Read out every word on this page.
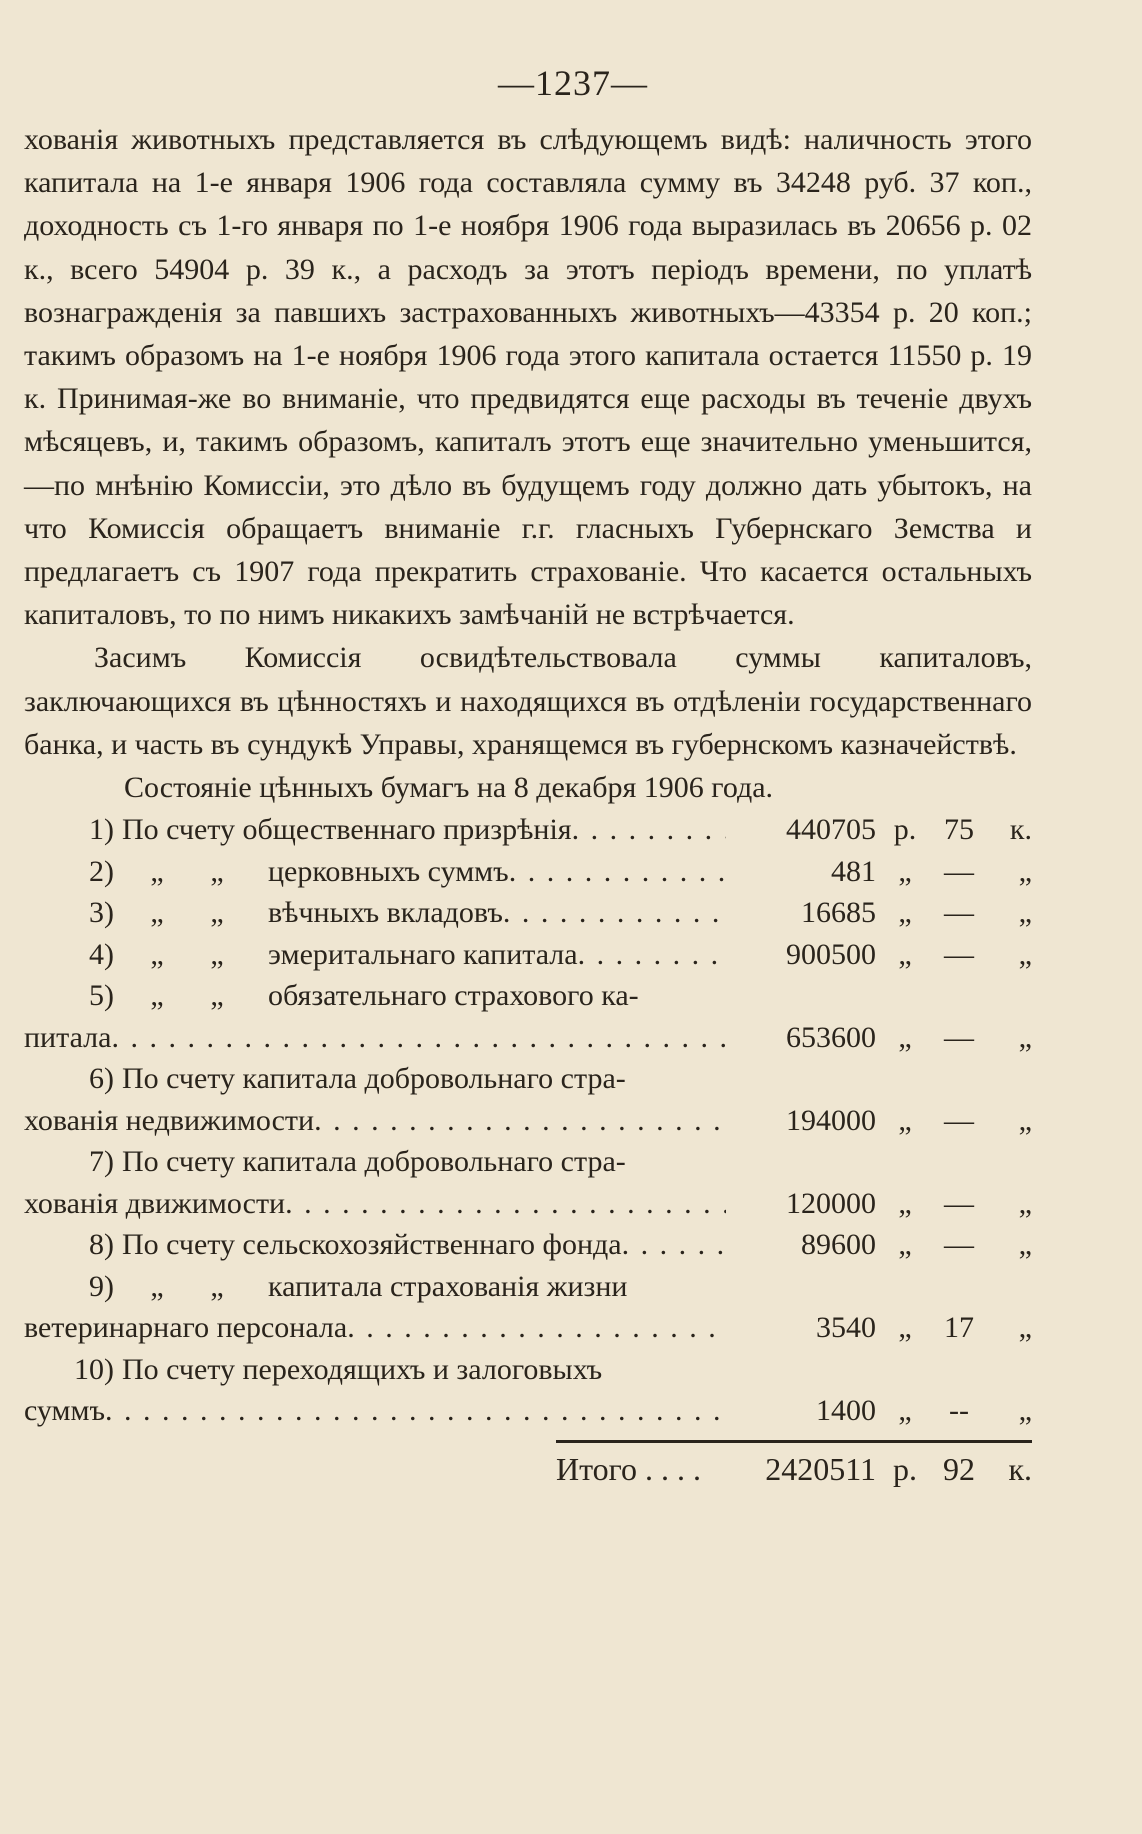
—1237—

хованія животныхъ представляется въ слѣдующемъ видѣ: наличность этого капитала на 1-е января 1906 года составляла сумму въ 34248 руб. 37 коп., доходность съ 1-го января по 1-е ноября 1906 года выразилась въ 20656 р. 02 к., всего 54904 р. 39 к., а расходъ за этотъ періодъ времени, по уплатѣ вознагражденія за павшихъ застрахованныхъ животныхъ—43354 р. 20 коп.; такимъ образомъ на 1-е ноября 1906 года этого капитала остается 11550 р. 19 к. Принимая-же во вниманіе, что предвидятся еще расходы въ теченіе двухъ мѣсяцевъ, и, такимъ образомъ, капиталъ этотъ еще значительно уменьшится,—по мнѣнію Комиссіи, это дѣло въ будущемъ году должно дать убытокъ, на что Комиссія обращаетъ вниманіе г.г. гласныхъ Губернскаго Земства и предлагаетъ съ 1907 года прекратить страхованіе. Что касается остальныхъ капиталовъ, то по нимъ никакихъ замѣчаній не встрѣчается.

Засимъ Комиссія освидѣтельствовала суммы капиталовъ, заключающихся въ цѣнностяхъ и находящихся въ отдѣленіи государственнаго банка, и часть въ сундукѣ Управы, хранящемся въ губернскомъ казначействѣ.

Состояніе цѣнныхъ бумагъ на 8 декабря 1906 года.

1) По счету общественнаго призрѣнія . . .	440705 р. 75	к.
2) „ „ церковныхъ суммъ . . .	481 „	—	„
3) „ „ вѣчныхъ вкладовъ . . .	16685 „	—	„
4) „ „ эмеритальнаго капитала . . .	900500 „	—	„
5) „ „ обязательнаго страхового ка-
питала . . .	653600 „	—	„
6) По счету капитала добровольнаго стра-
хованія недвижимости . . .	194000 „	—	„
7) По счету капитала добровольнаго стра-
хованія движимости . . .	120000 „	—	„
8) По счету сельскохозяйственнаго фонда . . .	89600 „	—	„
9) „ „ капитала страхованія жизни
ветеринарнаго персонала . . .	3540 „	17	„
10) По счету переходящихъ и залоговыхъ
суммъ . . .	1400 „	--	„
Итого . . . .	2420511 р. 92	к.
